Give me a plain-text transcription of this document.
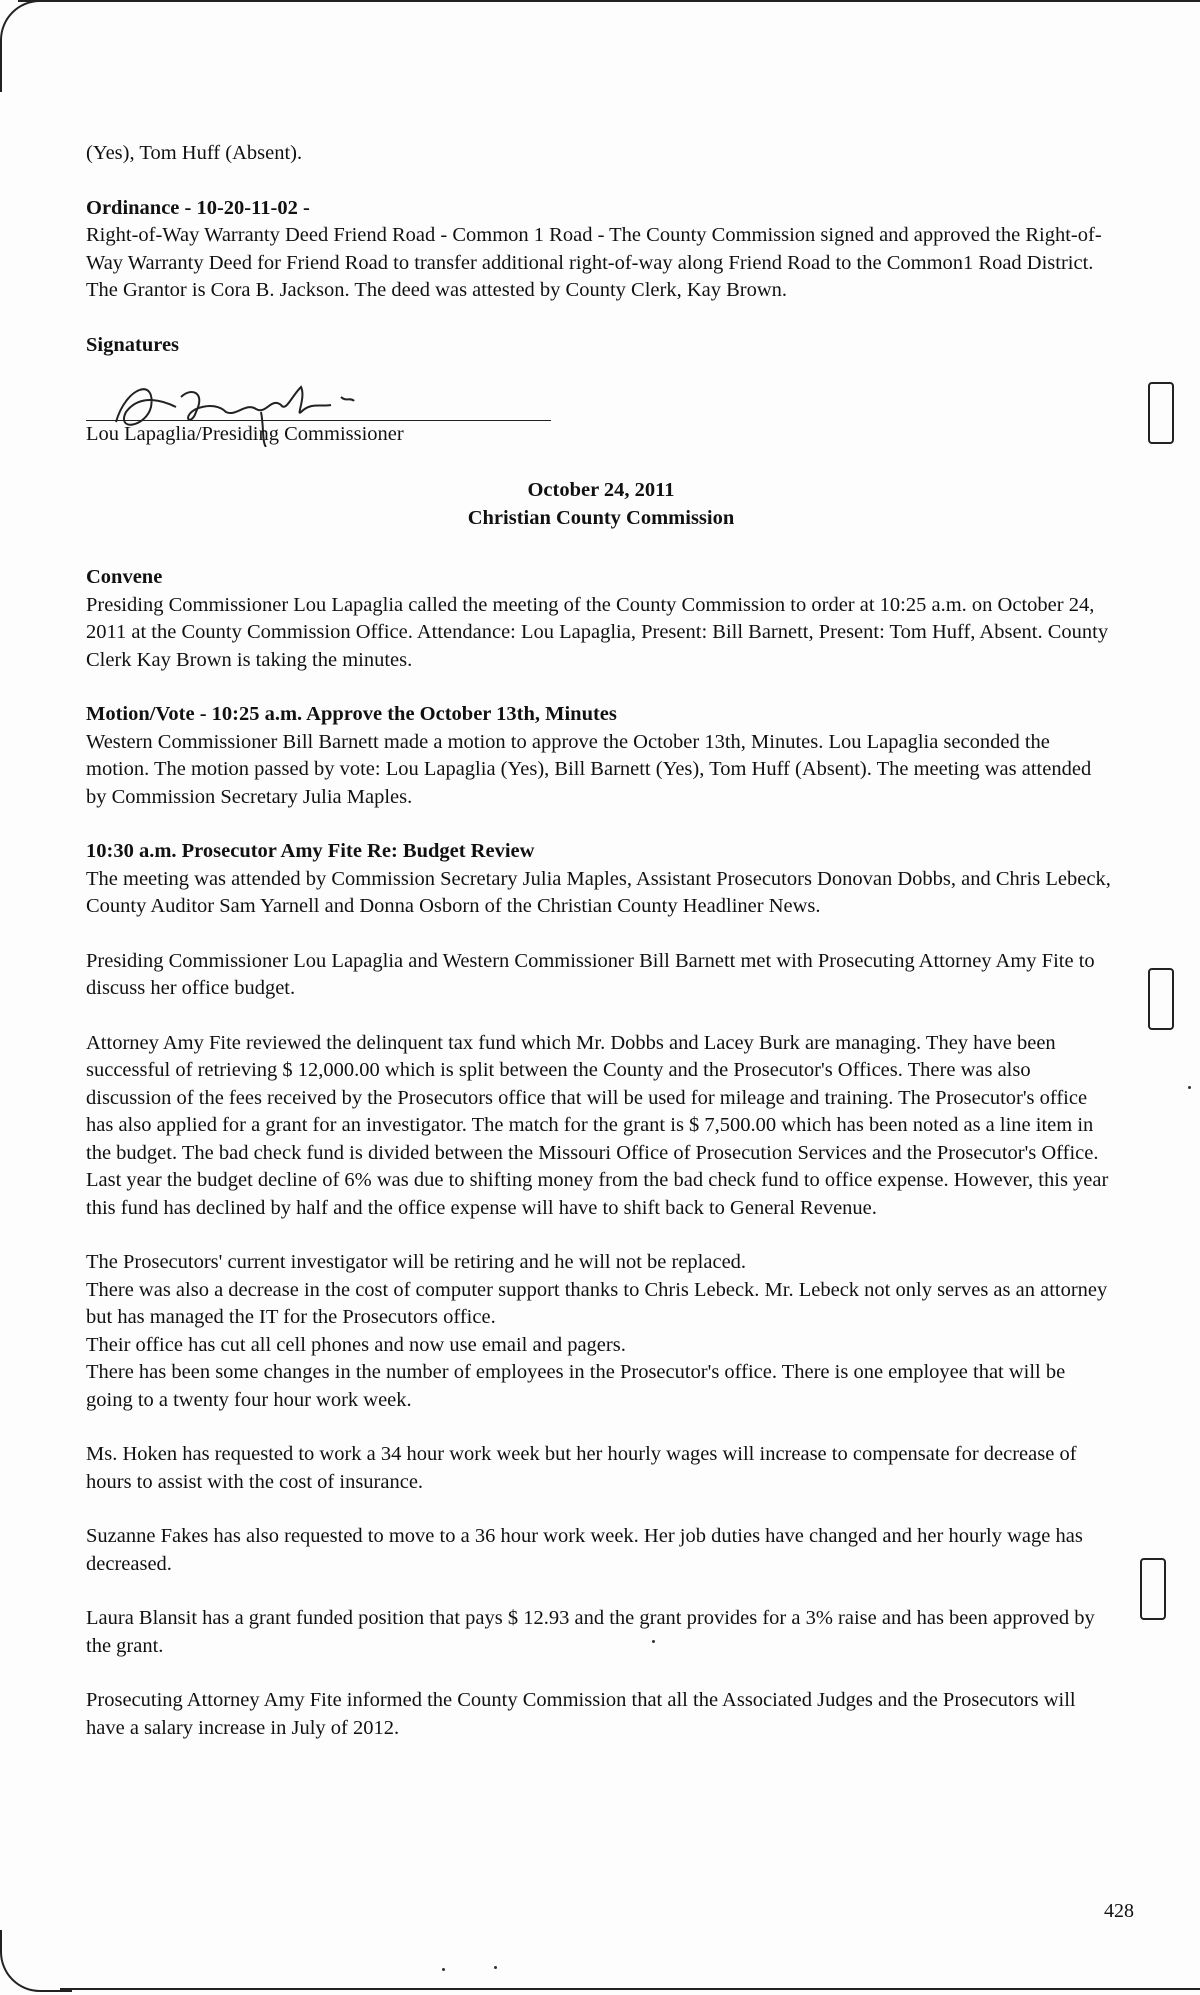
(Yes), Tom Huff (Absent).

Ordinance - 10-20-11-02 -
Right-of-Way Warranty Deed Friend Road - Common 1 Road - The County Commission signed and approved the Right-of-Way Warranty Deed for Friend Road to transfer additional right-of-way along Friend Road to the Common1 Road District. The Grantor is Cora B. Jackson. The deed was attested by County Clerk, Kay Brown.

Signatures
Lou Lapaglia/Presiding Commissioner
October 24, 2011
Christian County Commission

Convene
Presiding Commissioner Lou Lapaglia called the meeting of the County Commission to order at 10:25 a.m. on October 24, 2011 at the County Commission Office. Attendance: Lou Lapaglia, Present: Bill Barnett, Present: Tom Huff, Absent. County Clerk Kay Brown is taking the minutes.

Motion/Vote - 10:25 a.m. Approve the October 13th, Minutes
Western Commissioner Bill Barnett made a motion to approve the October 13th, Minutes. Lou Lapaglia seconded the motion. The motion passed by vote: Lou Lapaglia (Yes), Bill Barnett (Yes), Tom Huff (Absent). The meeting was attended by Commission Secretary Julia Maples.

10:30 a.m. Prosecutor Amy Fite Re: Budget Review
The meeting was attended by Commission Secretary Julia Maples, Assistant Prosecutors Donovan Dobbs, and Chris Lebeck, County Auditor Sam Yarnell and Donna Osborn of the Christian County Headliner News.

Presiding Commissioner Lou Lapaglia and Western Commissioner Bill Barnett met with Prosecuting Attorney Amy Fite to discuss her office budget.

Attorney Amy Fite reviewed the delinquent tax fund which Mr. Dobbs and Lacey Burk are managing. They have been successful of retrieving $ 12,000.00 which is split between the County and the Prosecutor's Offices. There was also discussion of the fees received by the Prosecutors office that will be used for mileage and training. The Prosecutor's office has also applied for a grant for an investigator. The match for the grant is $ 7,500.00 which has been noted as a line item in the budget. The bad check fund is divided between the Missouri Office of Prosecution Services and the Prosecutor's Office. Last year the budget decline of 6% was due to shifting money from the bad check fund to office expense. However, this year this fund has declined by half and the office expense will have to shift back to General Revenue.

The Prosecutors' current investigator will be retiring and he will not be replaced.
There was also a decrease in the cost of computer support thanks to Chris Lebeck. Mr. Lebeck not only serves as an attorney but has managed the IT for the Prosecutors office.
Their office has cut all cell phones and now use email and pagers.
There has been some changes in the number of employees in the Prosecutor's office. There is one employee that will be going to a twenty four hour work week.

Ms. Hoken has requested to work a 34 hour work week but her hourly wages will increase to compensate for decrease of hours to assist with the cost of insurance.

Suzanne Fakes has also requested to move to a 36 hour work week. Her job duties have changed and her hourly wage has decreased.

Laura Blansit has a grant funded position that pays $ 12.93 and the grant provides for a 3% raise and has been approved by the grant.

Prosecuting Attorney Amy Fite informed the County Commission that all the Associated Judges and the Prosecutors will have a salary increase in July of 2012.

428
